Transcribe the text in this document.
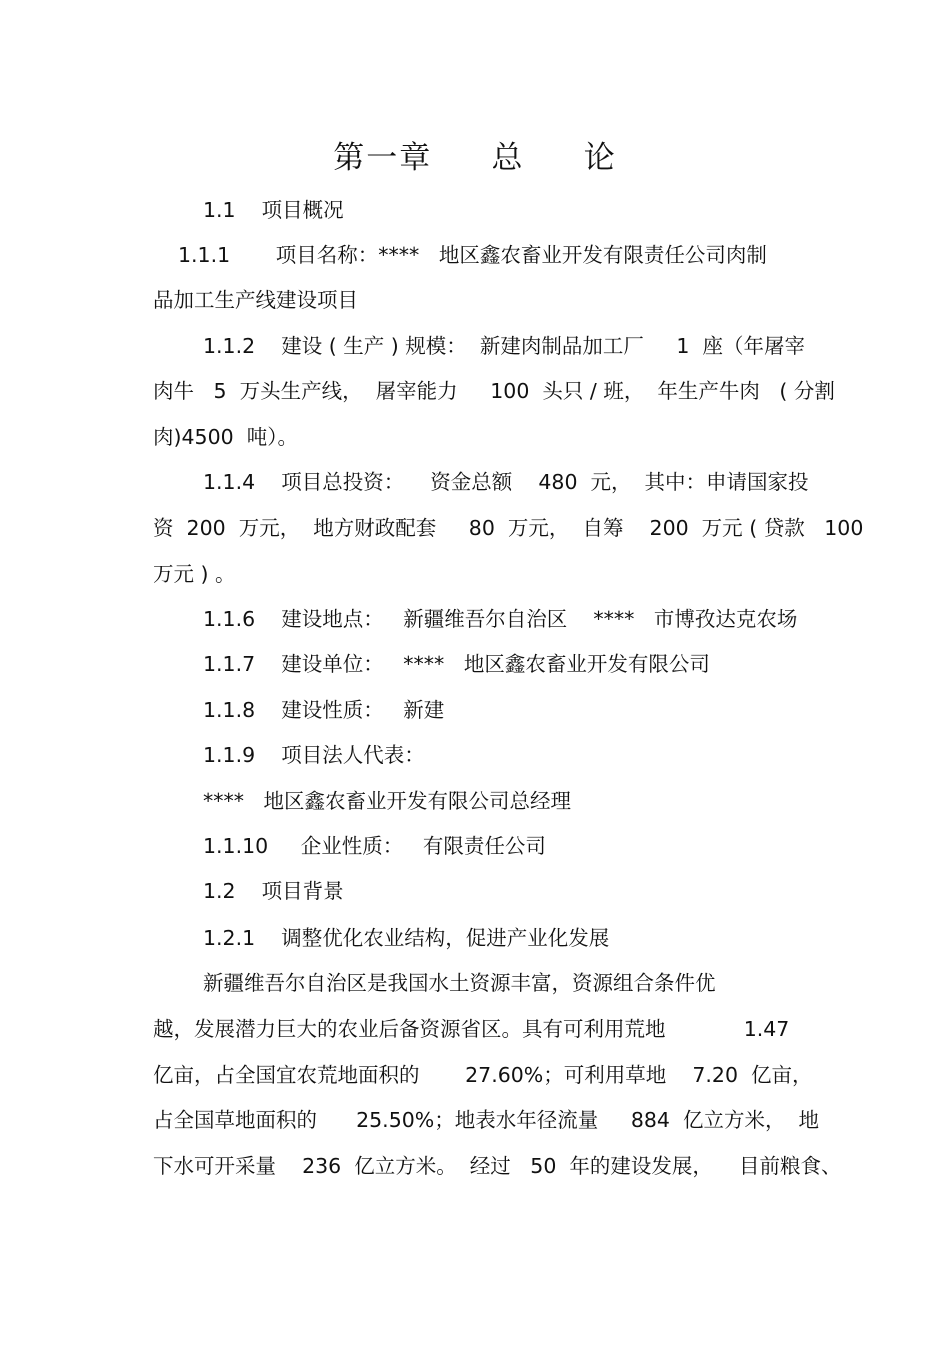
第一章     总     论
1.1    项目概况
1.1.1       项目名称：****   地区鑫农畜业开发有限责任公司肉制
品加工生产线建设项目
1.1.2    建设 ( 生产 ) 规模：  新建肉制品加工厂     1  座（年屠宰
肉牛   5  万头生产线，  屠宰能力     100  头只 / 班，  年生产牛肉   ( 分割
肉)4500  吨）。
1.1.4    项目总投资：    资金总额    480  元，  其中：申请国家投
资  200  万元，  地方财政配套     80  万元，  自筹    200  万元 ( 贷款   100
万元 ) 。
1.1.6    建设地点：   新疆维吾尔自治区    ****   市博孜达克农场
1.1.7    建设单位：   ****   地区鑫农畜业开发有限公司
1.1.8    建设性质：   新建
1.1.9    项目法人代表：
****   地区鑫农畜业开发有限公司总经理
1.1.10     企业性质：   有限责任公司
1.2    项目背景
1.2.1    调整优化农业结构，促进产业化发展
新疆维吾尔自治区是我国水土资源丰富，资源组合条件优
越，发展潜力巨大的农业后备资源省区。具有可利用荒地            1.47
亿亩，占全国宜农荒地面积的       27.60%；可利用草地    7.20  亿亩，
占全国草地面积的      25.50%；地表水年径流量     884  亿立方米，  地
下水可开采量    236  亿立方米。  经过   50  年的建设发展，    目前粮食、
